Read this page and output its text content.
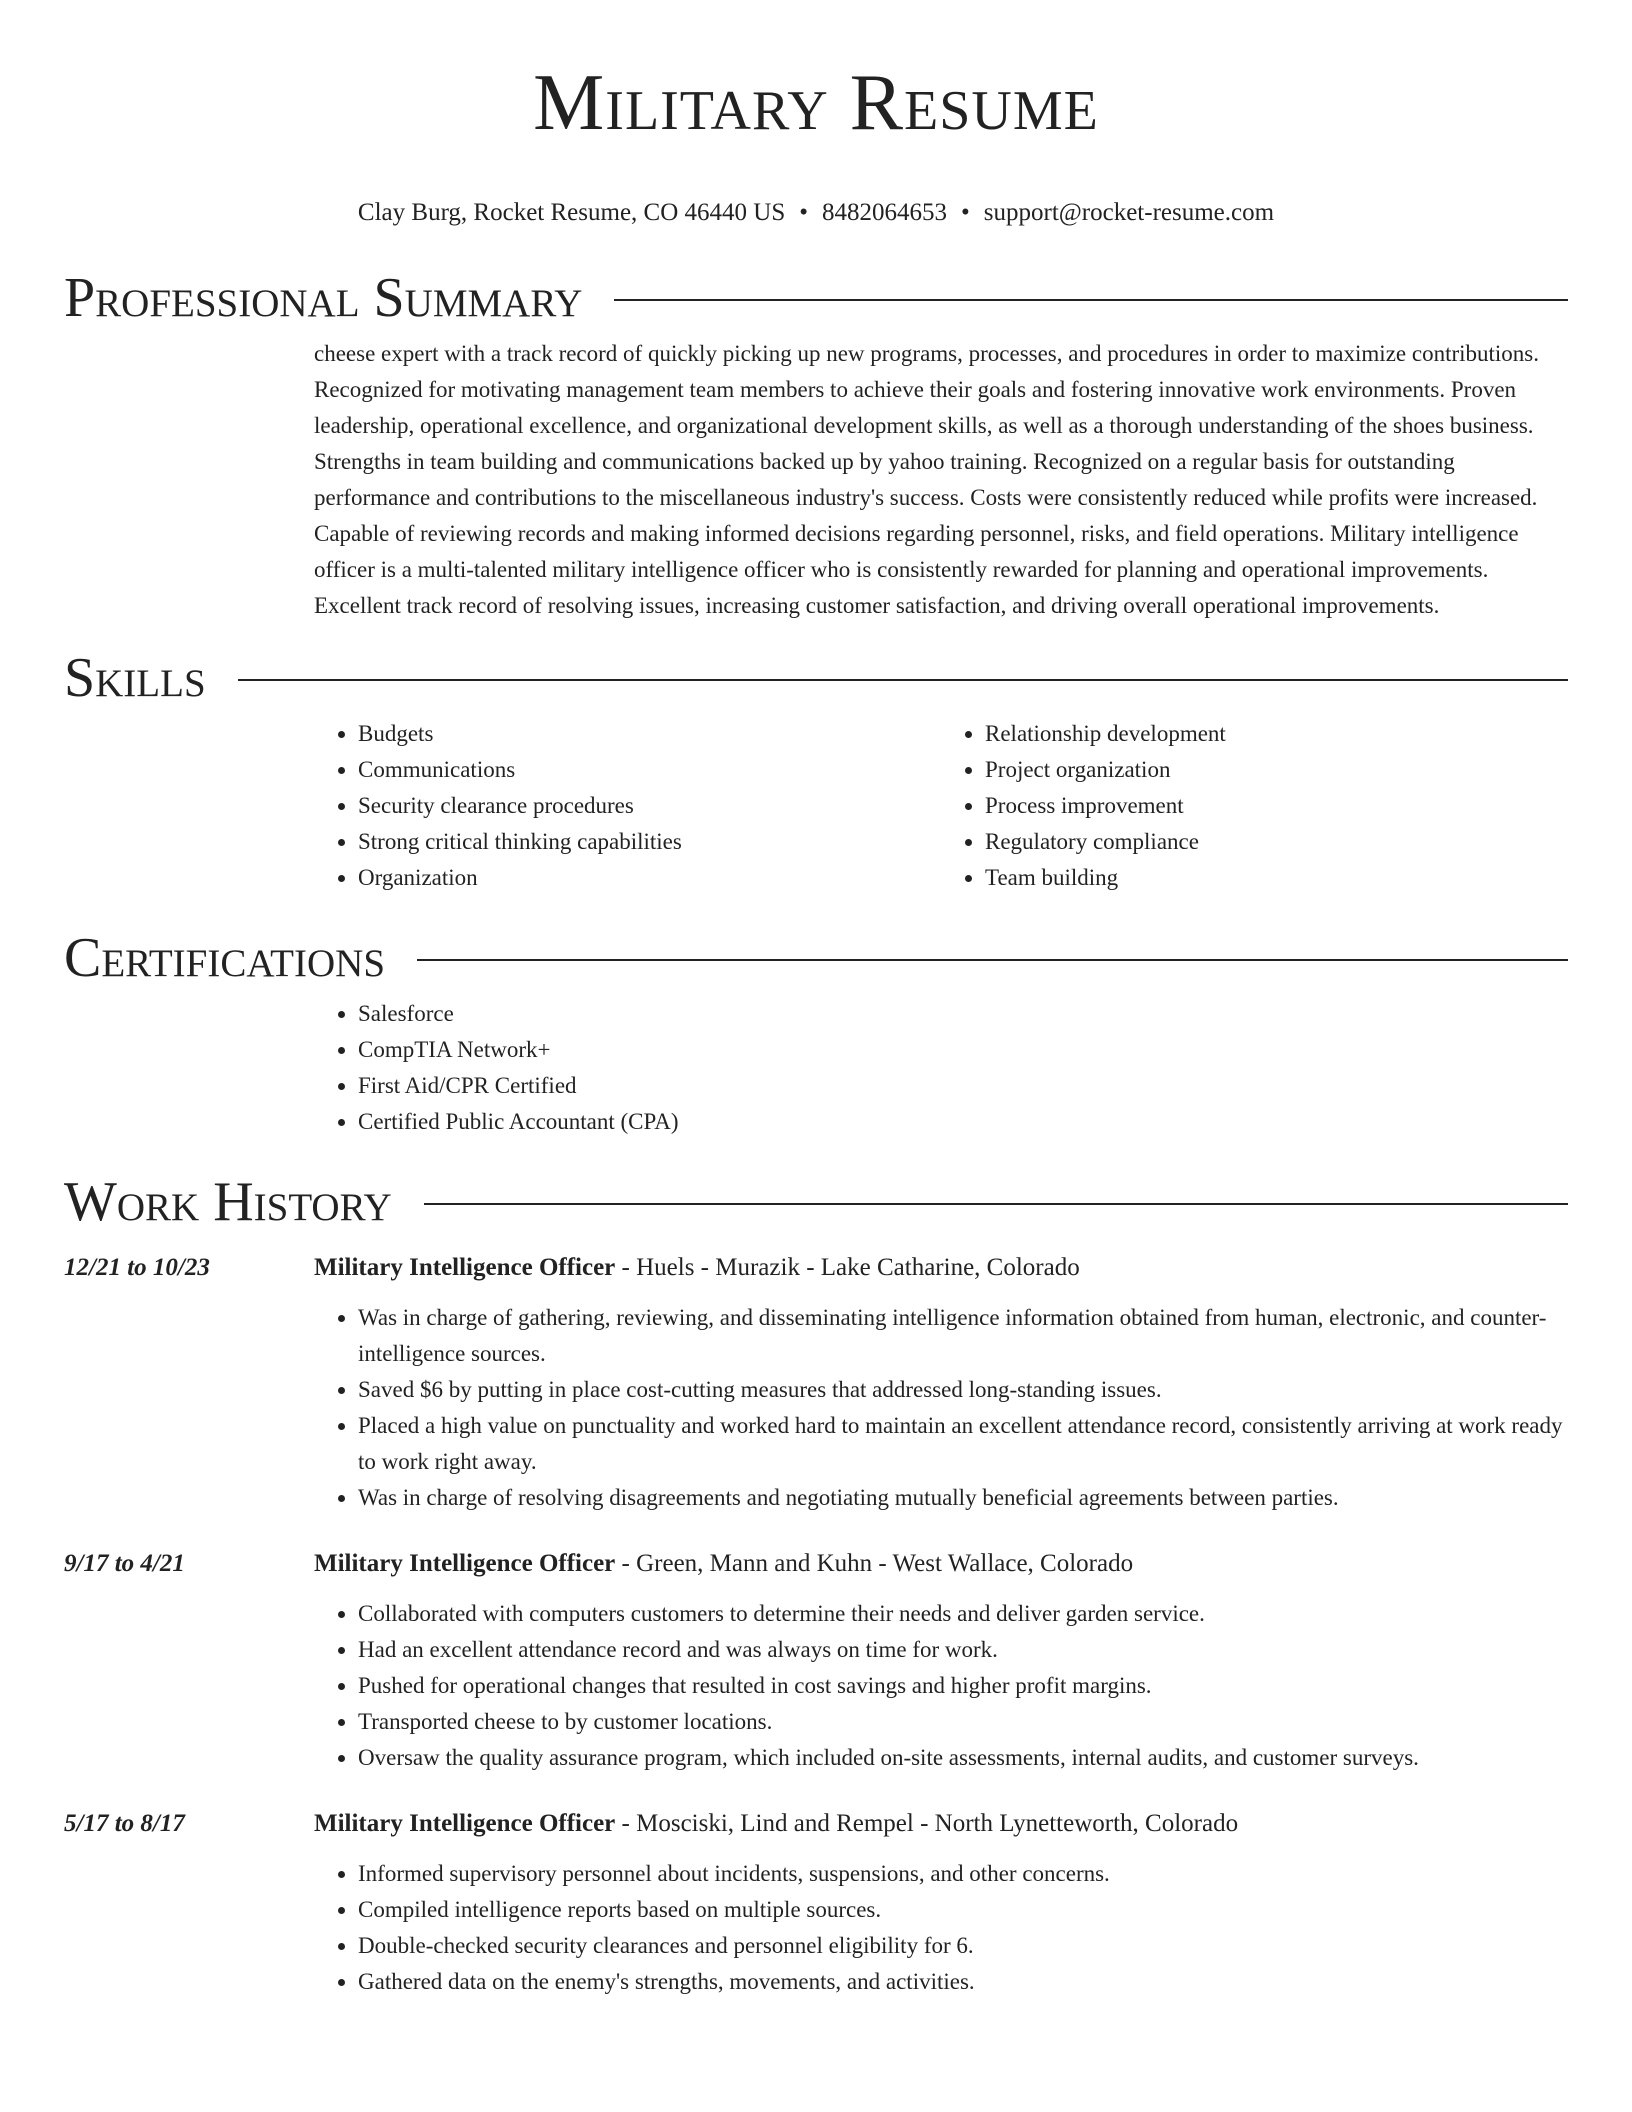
Military Resume
Clay Burg, Rocket Resume, CO 46440 US • 8482064653 • support@rocket-resume.com
Professional Summary

cheese expert with a track record of quickly picking up new programs, processes, and procedures in order to maximize contributions. Recognized for motivating management team members to achieve their goals and fostering innovative work environments. Proven leadership, operational excellence, and organizational development skills, as well as a thorough understanding of the shoes business. Strengths in team building and communications backed up by yahoo training. Recognized on a regular basis for outstanding performance and contributions to the miscellaneous industry's success. Costs were consistently reduced while profits were increased. Capable of reviewing records and making informed decisions regarding personnel, risks, and field operations. Military intelligence officer is a multi-talented military intelligence officer who is consistently rewarded for planning and operational improvements. Excellent track record of resolving issues, increasing customer satisfaction, and driving overall operational improvements.

Skills
• Budgets
• Communications
• Security clearance procedures
• Strong critical thinking capabilities
• Organization
• Relationship development
• Project organization
• Process improvement
• Regulatory compliance
• Team building
Certifications
• Salesforce
• CompTIA Network+
• First Aid/CPR Certified
• Certified Public Accountant (CPA)
Work History
12/21 to 10/23	Military Intelligence Officer - Huels - Murazik - Lake Catharine, Colorado
• Was in charge of gathering, reviewing, and disseminating intelligence information obtained from human, electronic, and counter-intelligence sources.
• Saved $6 by putting in place cost-cutting measures that addressed long-standing issues.
• Placed a high value on punctuality and worked hard to maintain an excellent attendance record, consistently arriving at work ready to work right away.
• Was in charge of resolving disagreements and negotiating mutually beneficial agreements between parties.
9/17 to 4/21	Military Intelligence Officer - Green, Mann and Kuhn - West Wallace, Colorado
• Collaborated with computers customers to determine their needs and deliver garden service.
• Had an excellent attendance record and was always on time for work.
• Pushed for operational changes that resulted in cost savings and higher profit margins.
• Transported cheese to by customer locations.
• Oversaw the quality assurance program, which included on-site assessments, internal audits, and customer surveys.
5/17 to 8/17	Military Intelligence Officer - Mosciski, Lind and Rempel - North Lynetteworth, Colorado
• Informed supervisory personnel about incidents, suspensions, and other concerns.
• Compiled intelligence reports based on multiple sources.
• Double-checked security clearances and personnel eligibility for 6.
• Gathered data on the enemy's strengths, movements, and activities.
